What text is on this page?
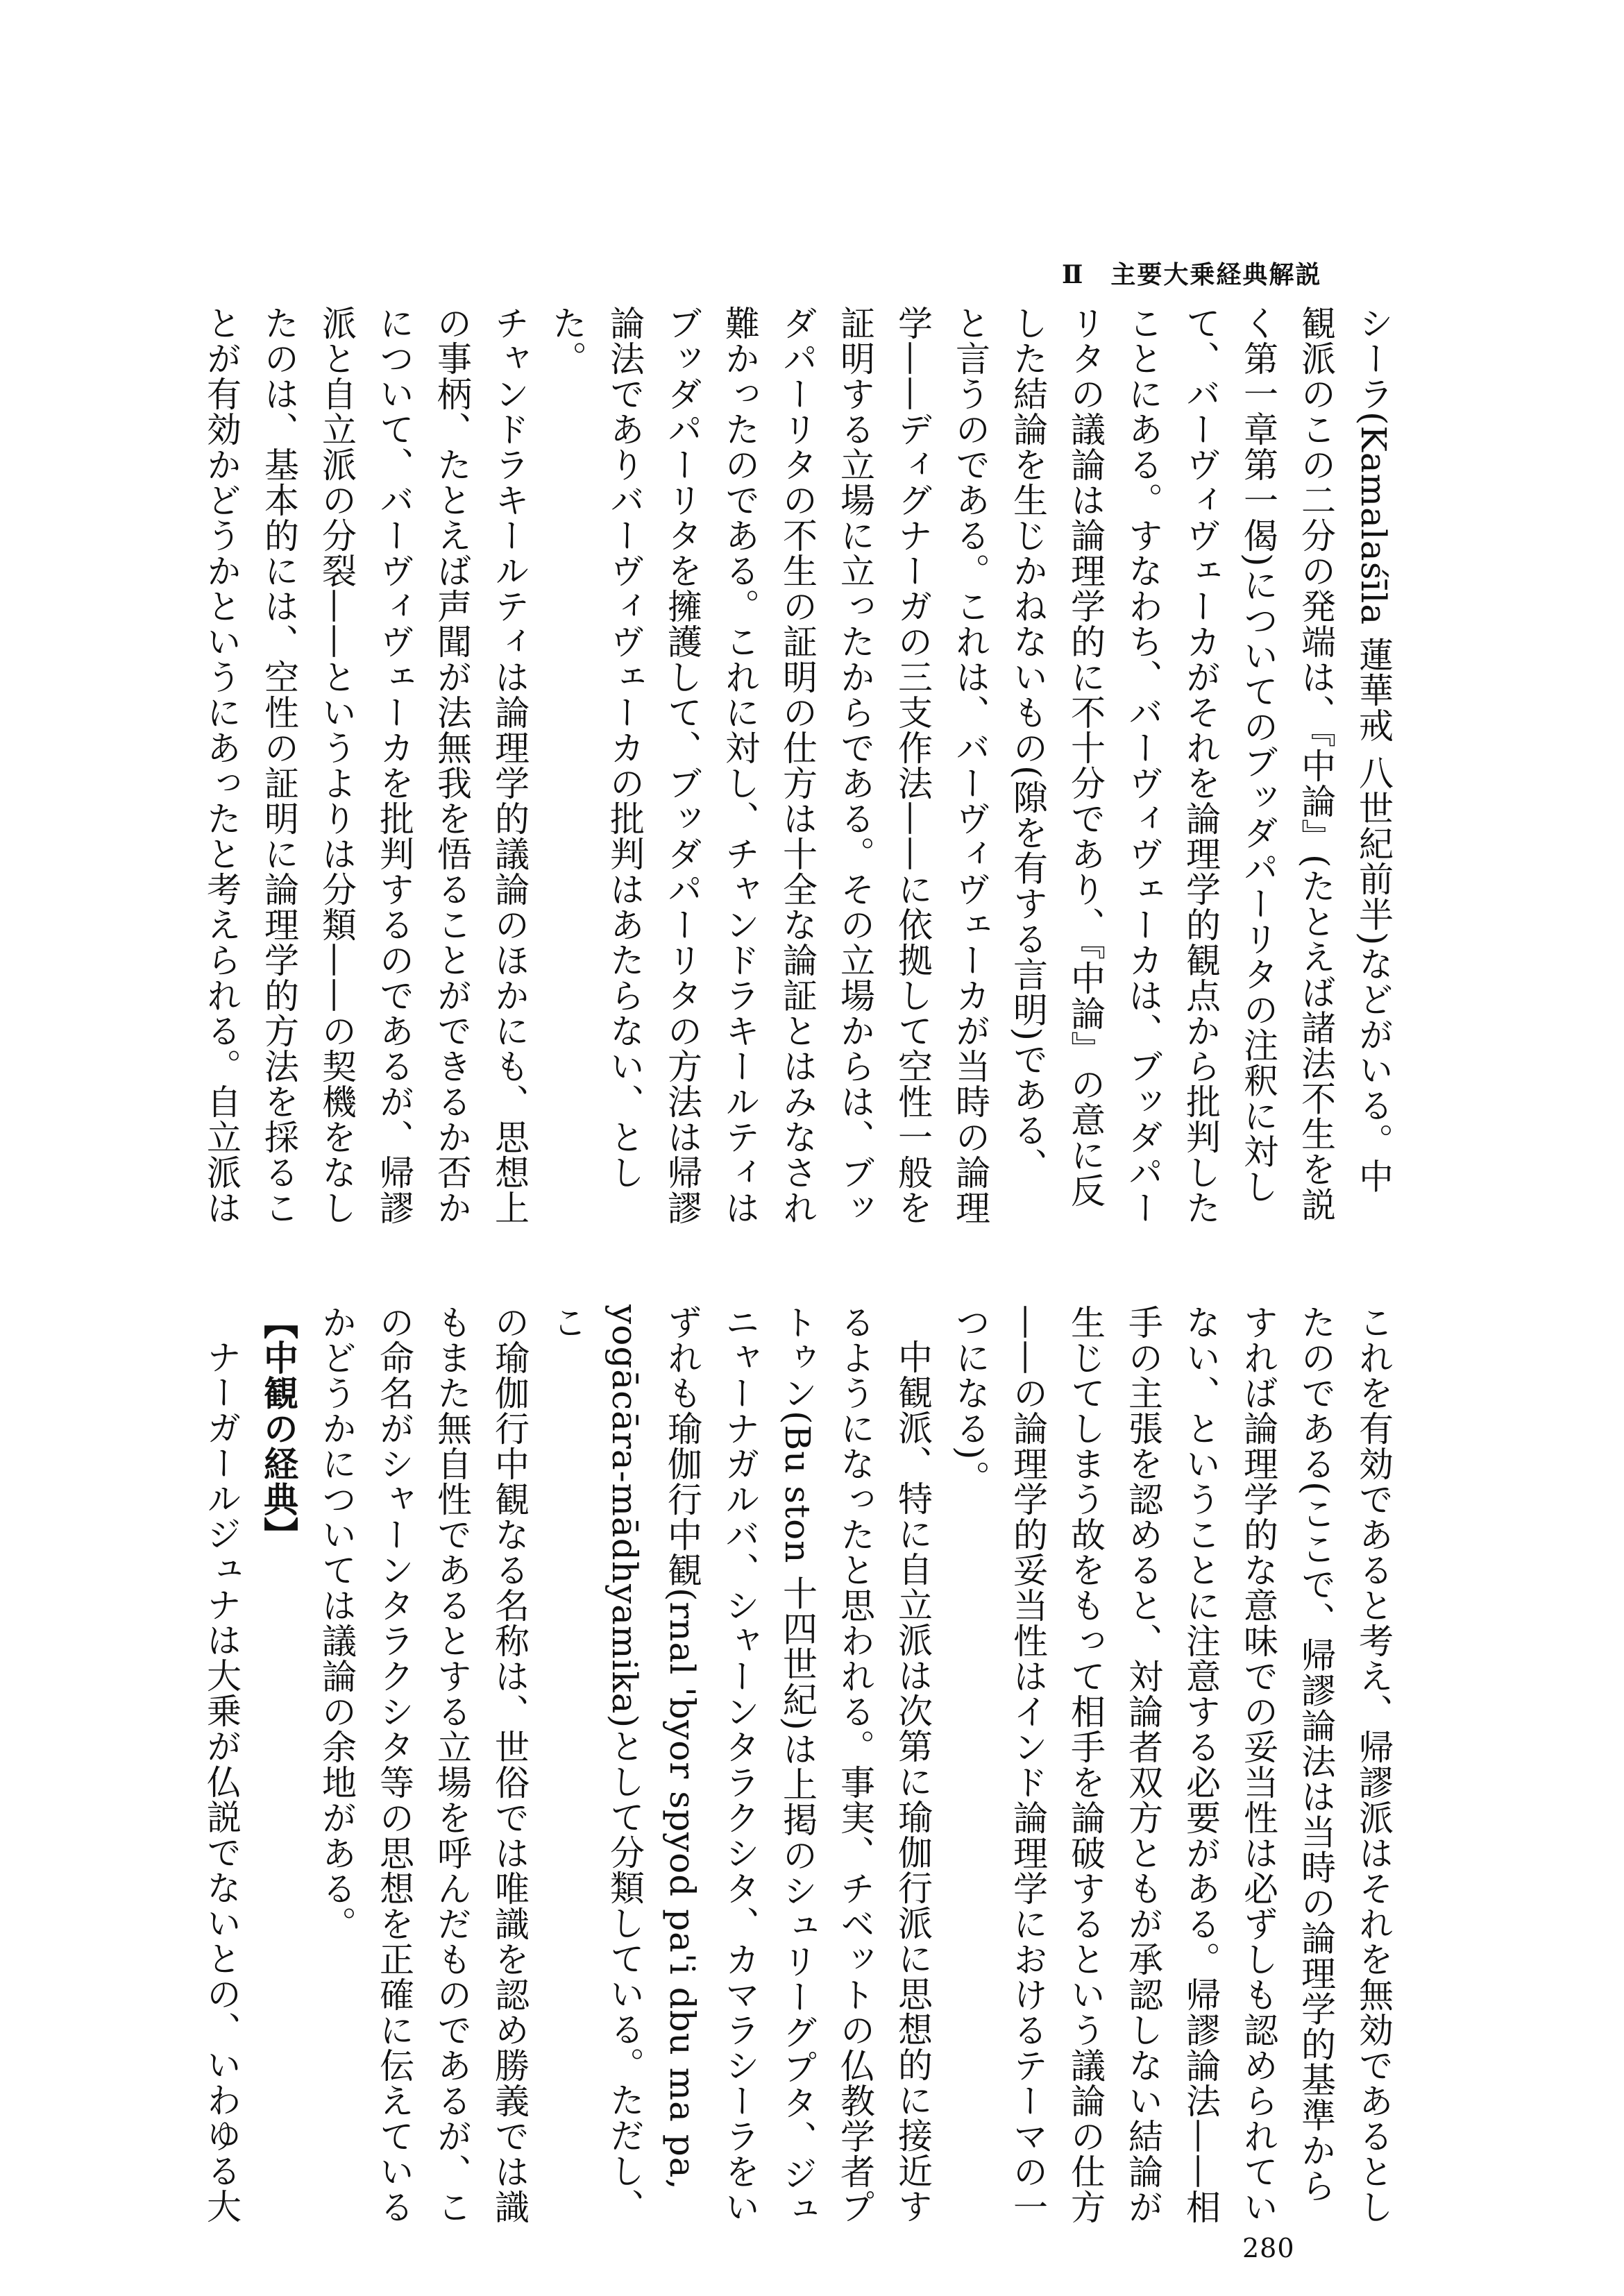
Ⅱ 主要大乗経典解説

シーラ(Kamalaśīla 蓮華戒 八世紀前半)などがいる。中

観派のこの二分の発端は、『中論』(たとえば諸法不生を説

く第一章第一偈)についてのブッダパーリタの注釈に対し

て、バーヴィヴェーカがそれを論理学的観点から批判した

ことにある。すなわち、バーヴィヴェーカは、ブッダパー

リタの議論は論理学的に不十分であり、『中論』の意に反

した結論を生じかねないもの(隙を有する言明)である、

と言うのである。これは、バーヴィヴェーカが当時の論理

学——ディグナーガの三支作法——に依拠して空性一般を

証明する立場に立ったからである。その立場からは、ブッ

ダパーリタの不生の証明の仕方は十全な論証とはみなされ

難かったのである。これに対し、チャンドラキールティは

ブッダパーリタを擁護して、ブッダパーリタの方法は帰謬

論法でありバーヴィヴェーカの批判はあたらない、とした。

チャンドラキールティは論理学的議論のほかにも、思想上

の事柄、たとえば声聞が法無我を悟ることができるか否か

について、バーヴィヴェーカを批判するのであるが、帰謬

派と自立派の分裂——というよりは分類——の契機をなし

たのは、基本的には、空性の証明に論理学的方法を採るこ

とが有効かどうかというにあったと考えられる。自立派は

これを有効であると考え、帰謬派はそれを無効であるとし

たのである(ここで、帰謬論法は当時の論理学的基準から

すれば論理学的な意味での妥当性は必ずしも認められてい

ない、ということに注意する必要がある。帰謬論法——相

手の主張を認めると、対論者双方ともが承認しない結論が

生じてしまう故をもって相手を論破するという議論の仕方

——の論理学的妥当性はインド論理学におけるテーマの一

つになる)。

中観派、特に自立派は次第に瑜伽行派に思想的に接近す

るようになったと思われる。事実、チベットの仏教学者プ

トゥン(Bu ston 十四世紀)は上掲のシュリーグプタ、ジュ

ニャーナガルバ、シャーンタラクシタ、カマラシーラをい

ずれも瑜伽行中観(rnal 'byor spyod pa'i dbu ma pa,

yogācāra-mādhyamika)として分類している。ただし、こ

の瑜伽行中観なる名称は、世俗では唯識を認め勝義では識

もまた無自性であるとする立場を呼んだものであるが、こ

の命名がシャーンタラクシタ等の思想を正確に伝えている

かどうかについては議論の余地がある。

【中観の経典】

ナーガールジュナは大乗が仏説でないとの、いわゆる大

280
